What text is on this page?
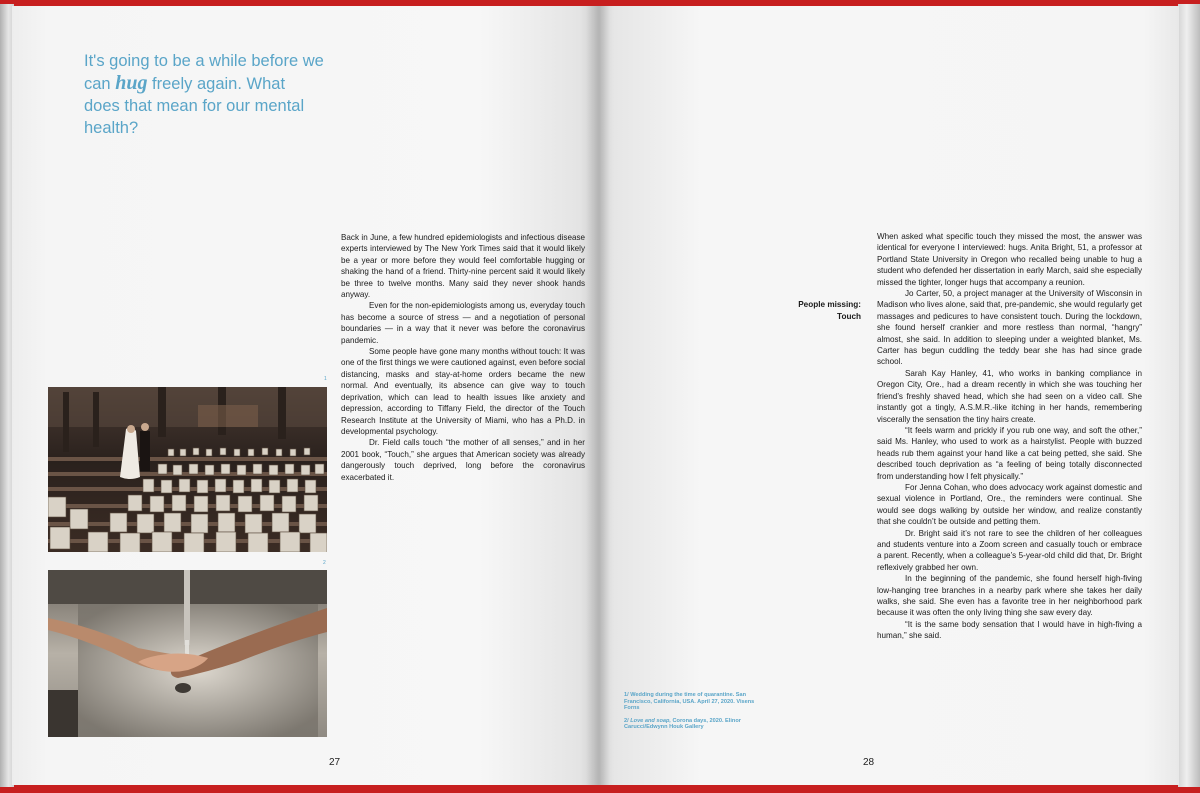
It's going to be a while before we can hug freely again. What does that mean for our mental health?

Back in June, a few hundred epidemiologists and infectious disease experts interviewed by The New York Times said that it would likely be a year or more before they would feel comfortable hugging or shaking the hand of a friend. Thirty-nine percent said it would likely be three to twelve months. Many said they never shook hands anyway.

Even for the non-epidemiologists among us, everyday touch has become a source of stress — and a negotiation of personal boundaries — in a way that it never was before the coronavirus pandemic.

Some people have gone many months without touch: It was one of the first things we were cautioned against, even before social distancing, masks and stay-at-home orders became the new normal. And eventually, its absence can give way to touch deprivation, which can lead to health issues like anxiety and depression, according to Tiffany Field, the director of the Touch Research Institute at the University of Miami, who has a Ph.D. in developmental psychology.

Dr. Field calls touch “the mother of all senses,” and in her 2001 book, “Touch,” she argues that American society was already dangerously touch deprived, long before the coronavirus exacerbated it.

1
2
27

1/ Wedding during the time of quarantine. San Francisco, California, USA. April 27, 2020. Visens Forns

2/ Love and soap, Corona days, 2020. Elinor Carucci/Edwynn Houk Gallery

People missing:
Touch

When asked what specific touch they missed the most, the answer was identical for everyone I interviewed: hugs. Anita Bright, 51, a professor at Portland State University in Oregon who recalled being unable to hug a student who defended her dissertation in early March, said she especially missed the tighter, longer hugs that accompany a reunion.

Jo Carter, 50, a project manager at the University of Wisconsin in Madison who lives alone, said that, pre-pandemic, she would regularly get massages and pedicures to have consistent touch. During the lockdown, she found herself crankier and more restless than normal, “hangry” almost, she said. In addition to sleeping under a weighted blanket, Ms. Carter has begun cuddling the teddy bear she has had since grade school.

Sarah Kay Hanley, 41, who works in banking compliance in Oregon City, Ore., had a dream recently in which she was touching her friend’s freshly shaved head, which she had seen on a video call. She instantly got a tingly, A.S.M.R.-like itching in her hands, remembering viscerally the sensation the tiny hairs create.

“It feels warm and prickly if you rub one way, and soft the other,” said Ms. Hanley, who used to work as a hairstylist. People with buzzed heads rub them against your hand like a cat being petted, she said. She described touch deprivation as “a feeling of being totally disconnected from understanding how I felt physically.”

For Jenna Cohan, who does advocacy work against domestic and sexual violence in Portland, Ore., the reminders were continual. She would see dogs walking by outside her window, and realize constantly that she couldn’t be outside and petting them.

Dr. Bright said it’s not rare to see the children of her colleagues and students venture into a Zoom screen and casually touch or embrace a parent. Recently, when a colleague’s 5-year-old child did that, Dr. Bright reflexively grabbed her own.

In the beginning of the pandemic, she found herself high-fiving low-hanging tree branches in a nearby park where she takes her daily walks, she said. She even has a favorite tree in her neighborhood park because it was often the only living thing she saw every day.

“It is the same body sensation that I would have in high-fiving a human,” she said.

28
